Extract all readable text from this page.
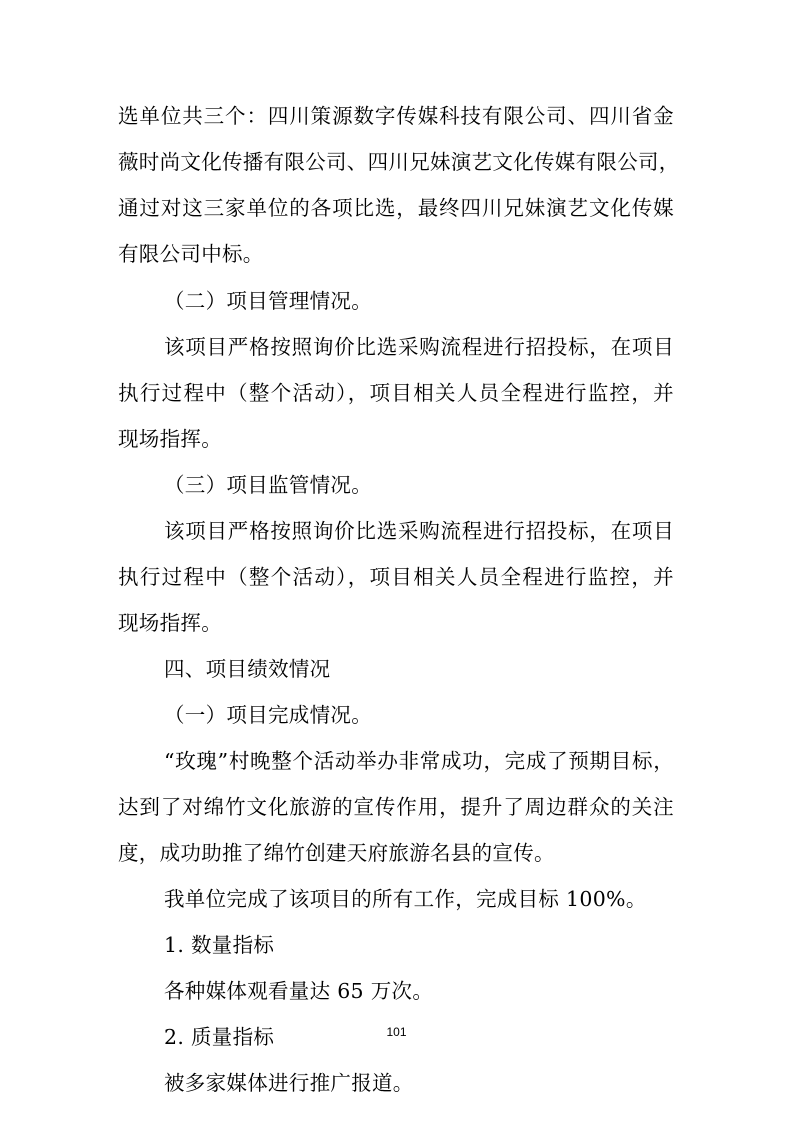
选单位共三个：四川策源数字传媒科技有限公司、四川省金
薇时尚文化传播有限公司、四川兄妹演艺文化传媒有限公司，
通过对这三家单位的各项比选，最终四川兄妹演艺文化传媒
有限公司中标。
（二）项目管理情况。
该项目严格按照询价比选采购流程进行招投标，在项目
执行过程中（整个活动），项目相关人员全程进行监控，并
现场指挥。
（三）项目监管情况。
该项目严格按照询价比选采购流程进行招投标，在项目
执行过程中（整个活动），项目相关人员全程进行监控，并
现场指挥。
四、项目绩效情况
（一）项目完成情况。
“玫瑰”村晚整个活动举办非常成功，完成了预期目标，
达到了对绵竹文化旅游的宣传作用，提升了周边群众的关注
度，成功助推了绵竹创建天府旅游名县的宣传。
我单位完成了该项目的所有工作，完成目标 100%。
1. 数量指标
各种媒体观看量达 65 万次。
2. 质量指标
被多家媒体进行推广报道。
101
